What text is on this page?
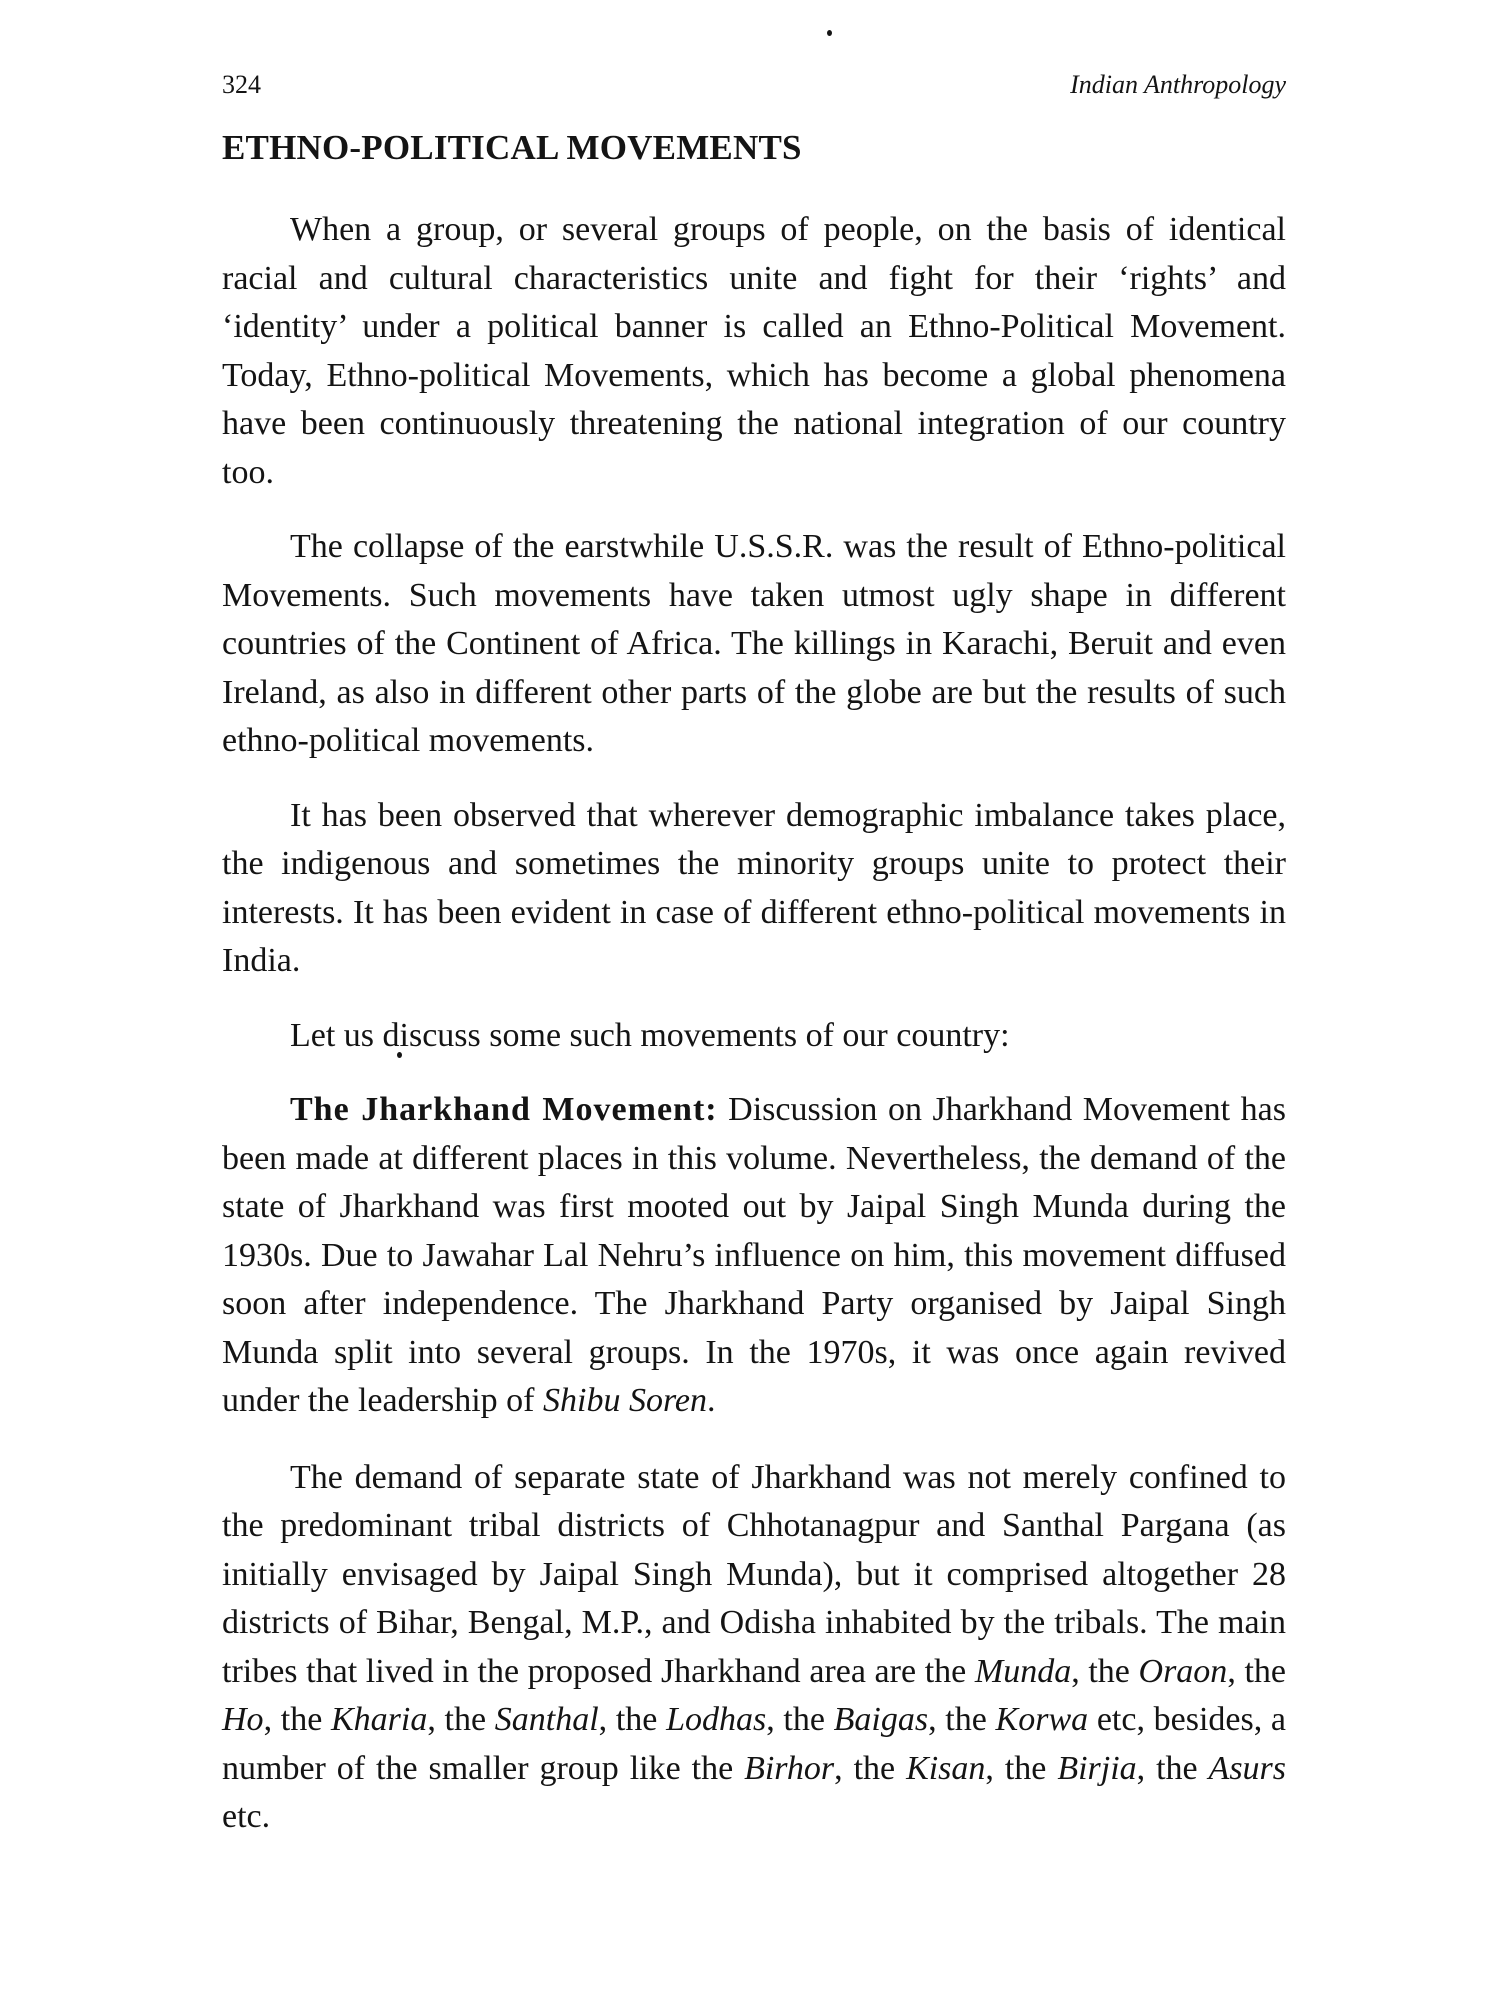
324	Indian Anthropology
ETHNO-POLITICAL MOVEMENTS

When a group, or several groups of people, on the basis of identical racial and cultural characteristics unite and fight for their ‘rights’ and ‘identity’ under a political banner is called an Ethno-Political Movement. Today, Ethno-political Movements, which has become a global phenomena have been continuously threatening the national integration of our country too.

The collapse of the earstwhile U.S.S.R. was the result of Ethno-political Movements. Such movements have taken utmost ugly shape in different countries of the Continent of Africa. The killings in Karachi, Beruit and even Ireland, as also in different other parts of the globe are but the results of such ethno-political movements.

It has been observed that wherever demographic imbalance takes place, the indigenous and sometimes the minority groups unite to protect their interests. It has been evident in case of different ethno-political movements in India.

Let us discuss some such movements of our country:

The Jharkhand Movement: Discussion on Jharkhand Movement has been made at different places in this volume. Nevertheless, the demand of the state of Jharkhand was first mooted out by Jaipal Singh Munda during the 1930s. Due to Jawahar Lal Nehru’s influence on him, this movement diffused soon after independence. The Jharkhand Party organised by Jaipal Singh Munda split into several groups. In the 1970s, it was once again revived under the leadership of Shibu Soren.

The demand of separate state of Jharkhand was not merely confined to the predominant tribal districts of Chhotanagpur and Santhal Pargana (as initially envisaged by Jaipal Singh Munda), but it comprised altogether 28 districts of Bihar, Bengal, M.P., and Odisha inhabited by the tribals. The main tribes that lived in the proposed Jharkhand area are the Munda, the Oraon, the Ho, the Kharia, the Santhal, the Lodhas, the Baigas, the Korwa etc, besides, a number of the smaller group like the Birhor, the Kisan, the Birjia, the Asurs etc.
